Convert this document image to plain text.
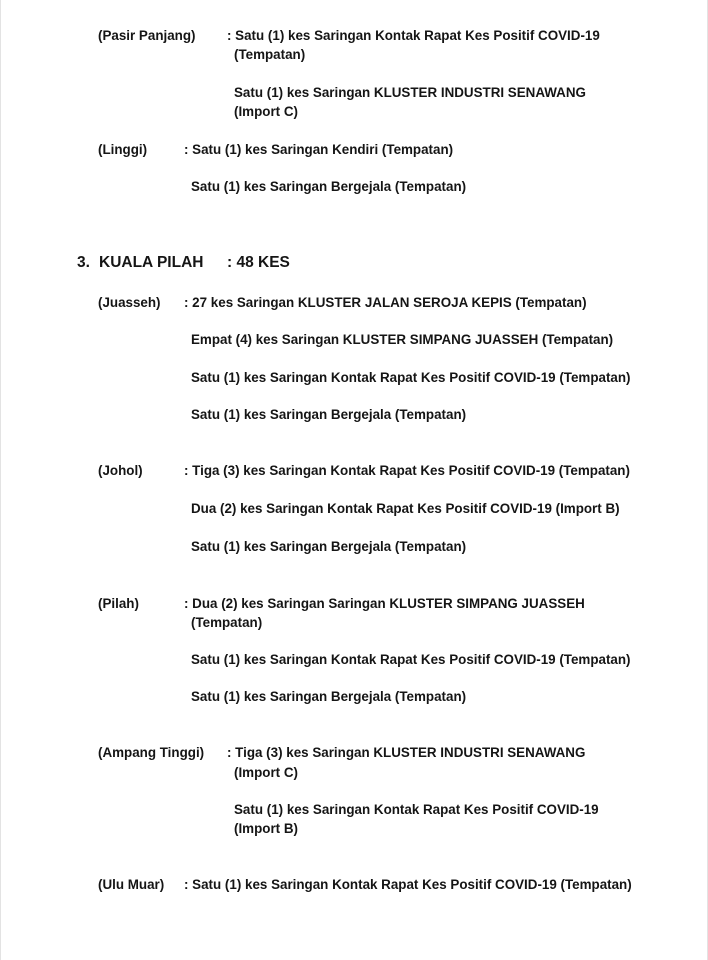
(Pasir Panjang) : Satu (1) kes Saringan Kontak Rapat Kes Positif COVID-19
(Tempatan)
Satu (1) kes Saringan KLUSTER INDUSTRI SENAWANG
(Import C)
(Linggi)	: Satu (1) kes Saringan Kendiri (Tempatan)
Satu (1) kes Saringan Bergejala (Tempatan)
3. KUALA PILAH : 48 KES
(Juasseh) : 27 kes Saringan KLUSTER JALAN SEROJA KEPIS (Tempatan)
Empat (4) kes Saringan KLUSTER SIMPANG JUASSEH (Tempatan)
Satu (1) kes Saringan Kontak Rapat Kes Positif COVID-19 (Tempatan)
Satu (1) kes Saringan Bergejala (Tempatan)
(Johol)	: Tiga (3) kes Saringan Kontak Rapat Kes Positif COVID-19 (Tempatan)
Dua (2) kes Saringan Kontak Rapat Kes Positif COVID-19 (Import B)
Satu (1) kes Saringan Bergejala (Tempatan)
(Pilah)	: Dua (2) kes Saringan Saringan KLUSTER SIMPANG JUASSEH
(Tempatan)
Satu (1) kes Saringan Kontak Rapat Kes Positif COVID-19 (Tempatan)
Satu (1) kes Saringan Bergejala (Tempatan)
(Ampang Tinggi) : Tiga (3) kes Saringan KLUSTER INDUSTRI SENAWANG
(Import C)
Satu (1) kes Saringan Kontak Rapat Kes Positif COVID-19
(Import B)
(Ulu Muar) : Satu (1) kes Saringan Kontak Rapat Kes Positif COVID-19 (Tempatan)
